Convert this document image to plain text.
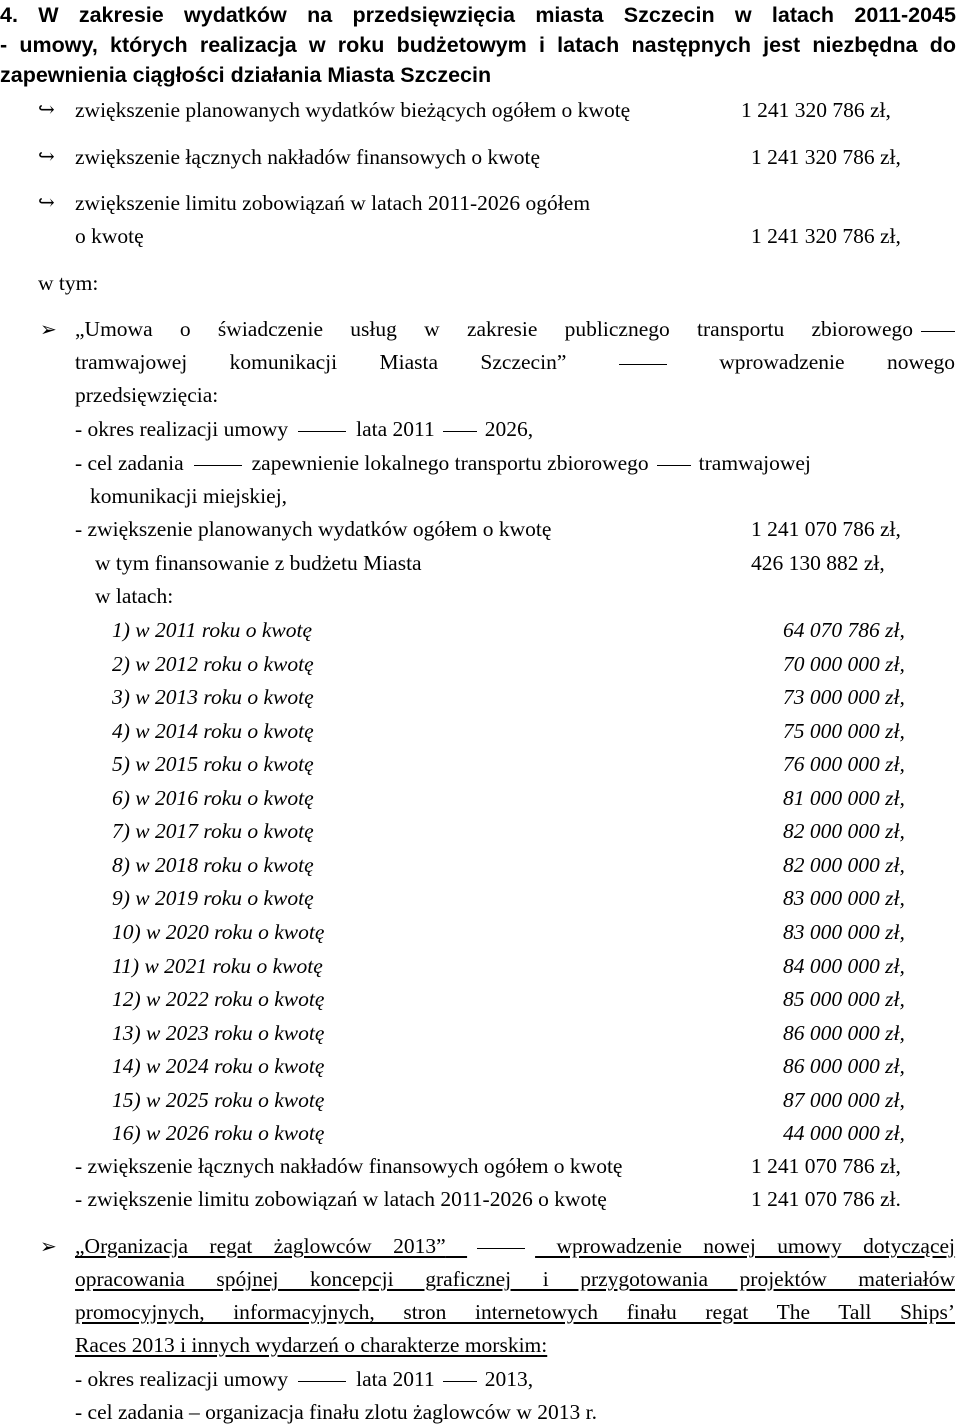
4. W zakresie wydatków na przedsięwzięcia miasta Szczecin w latach 2011-2045
- umowy, których realizacja w roku budżetowym i latach następnych jest niezbędna do
zapewnienia ciągłości działania Miasta Szczecin
↪ zwiększenie planowanych wydatków bieżących ogółem o kwotę	1 241 320 786 zł,
↪ zwiększenie łącznych nakładów finansowych o kwotę	1 241 320 786 zł,
↪ zwiększenie limitu zobowiązań w latach 2011-2026 ogółem
o kwotę	1 241 320 786 zł,
w tym:
➢ „Umowa o świadczenie usług w zakresie publicznego transportu zbiorowego
tramwajowej komunikacji Miasta Szczecin”	wprowadzenie nowego
przedsięwzięcia:
- okres realizacji umowy	lata 2011 2026,
- cel zadania	zapewnienie lokalnego transportu zbiorowego tramwajowej
komunikacji miejskiej,
- zwiększenie planowanych wydatków ogółem o kwotę	1 241 070 786 zł,
w tym finansowanie z budżetu Miasta	426 130 882 zł,
w latach:
1) w 2011 roku o kwotę	64 070 786 zł,
2) w 2012 roku o kwotę	70 000 000 zł,
3) w 2013 roku o kwotę	73 000 000 zł,
4) w 2014 roku o kwotę	75 000 000 zł,
5) w 2015 roku o kwotę	76 000 000 zł,
6) w 2016 roku o kwotę	81 000 000 zł,
7) w 2017 roku o kwotę	82 000 000 zł,
8) w 2018 roku o kwotę	82 000 000 zł,
9) w 2019 roku o kwotę	83 000 000 zł,
10) w 2020 roku o kwotę	83 000 000 zł,
11) w 2021 roku o kwotę	84 000 000 zł,
12) w 2022 roku o kwotę	85 000 000 zł,
13) w 2023 roku o kwotę	86 000 000 zł,
14) w 2024 roku o kwotę	86 000 000 zł,
15) w 2025 roku o kwotę	87 000 000 zł,
16) w 2026 roku o kwotę	44 000 000 zł,
- zwiększenie łącznych nakładów finansowych ogółem o kwotę	1 241 070 786 zł,
- zwiększenie limitu zobowiązań w latach 2011-2026 o kwotę	1 241 070 786 zł.
➢ „Organizacja regat żaglowców 2013”	wprowadzenie nowej umowy dotyczącej
opracowania spójnej koncepcji graficznej i przygotowania projektów materiałów
promocyjnych, informacyjnych, stron internetowych finału regat The Tall Ships’
Races 2013 i innych wydarzeń o charakterze morskim:
- okres realizacji umowy	lata 2011 2013,
- cel zadania – organizacja finału zlotu żaglowców w 2013 r.
